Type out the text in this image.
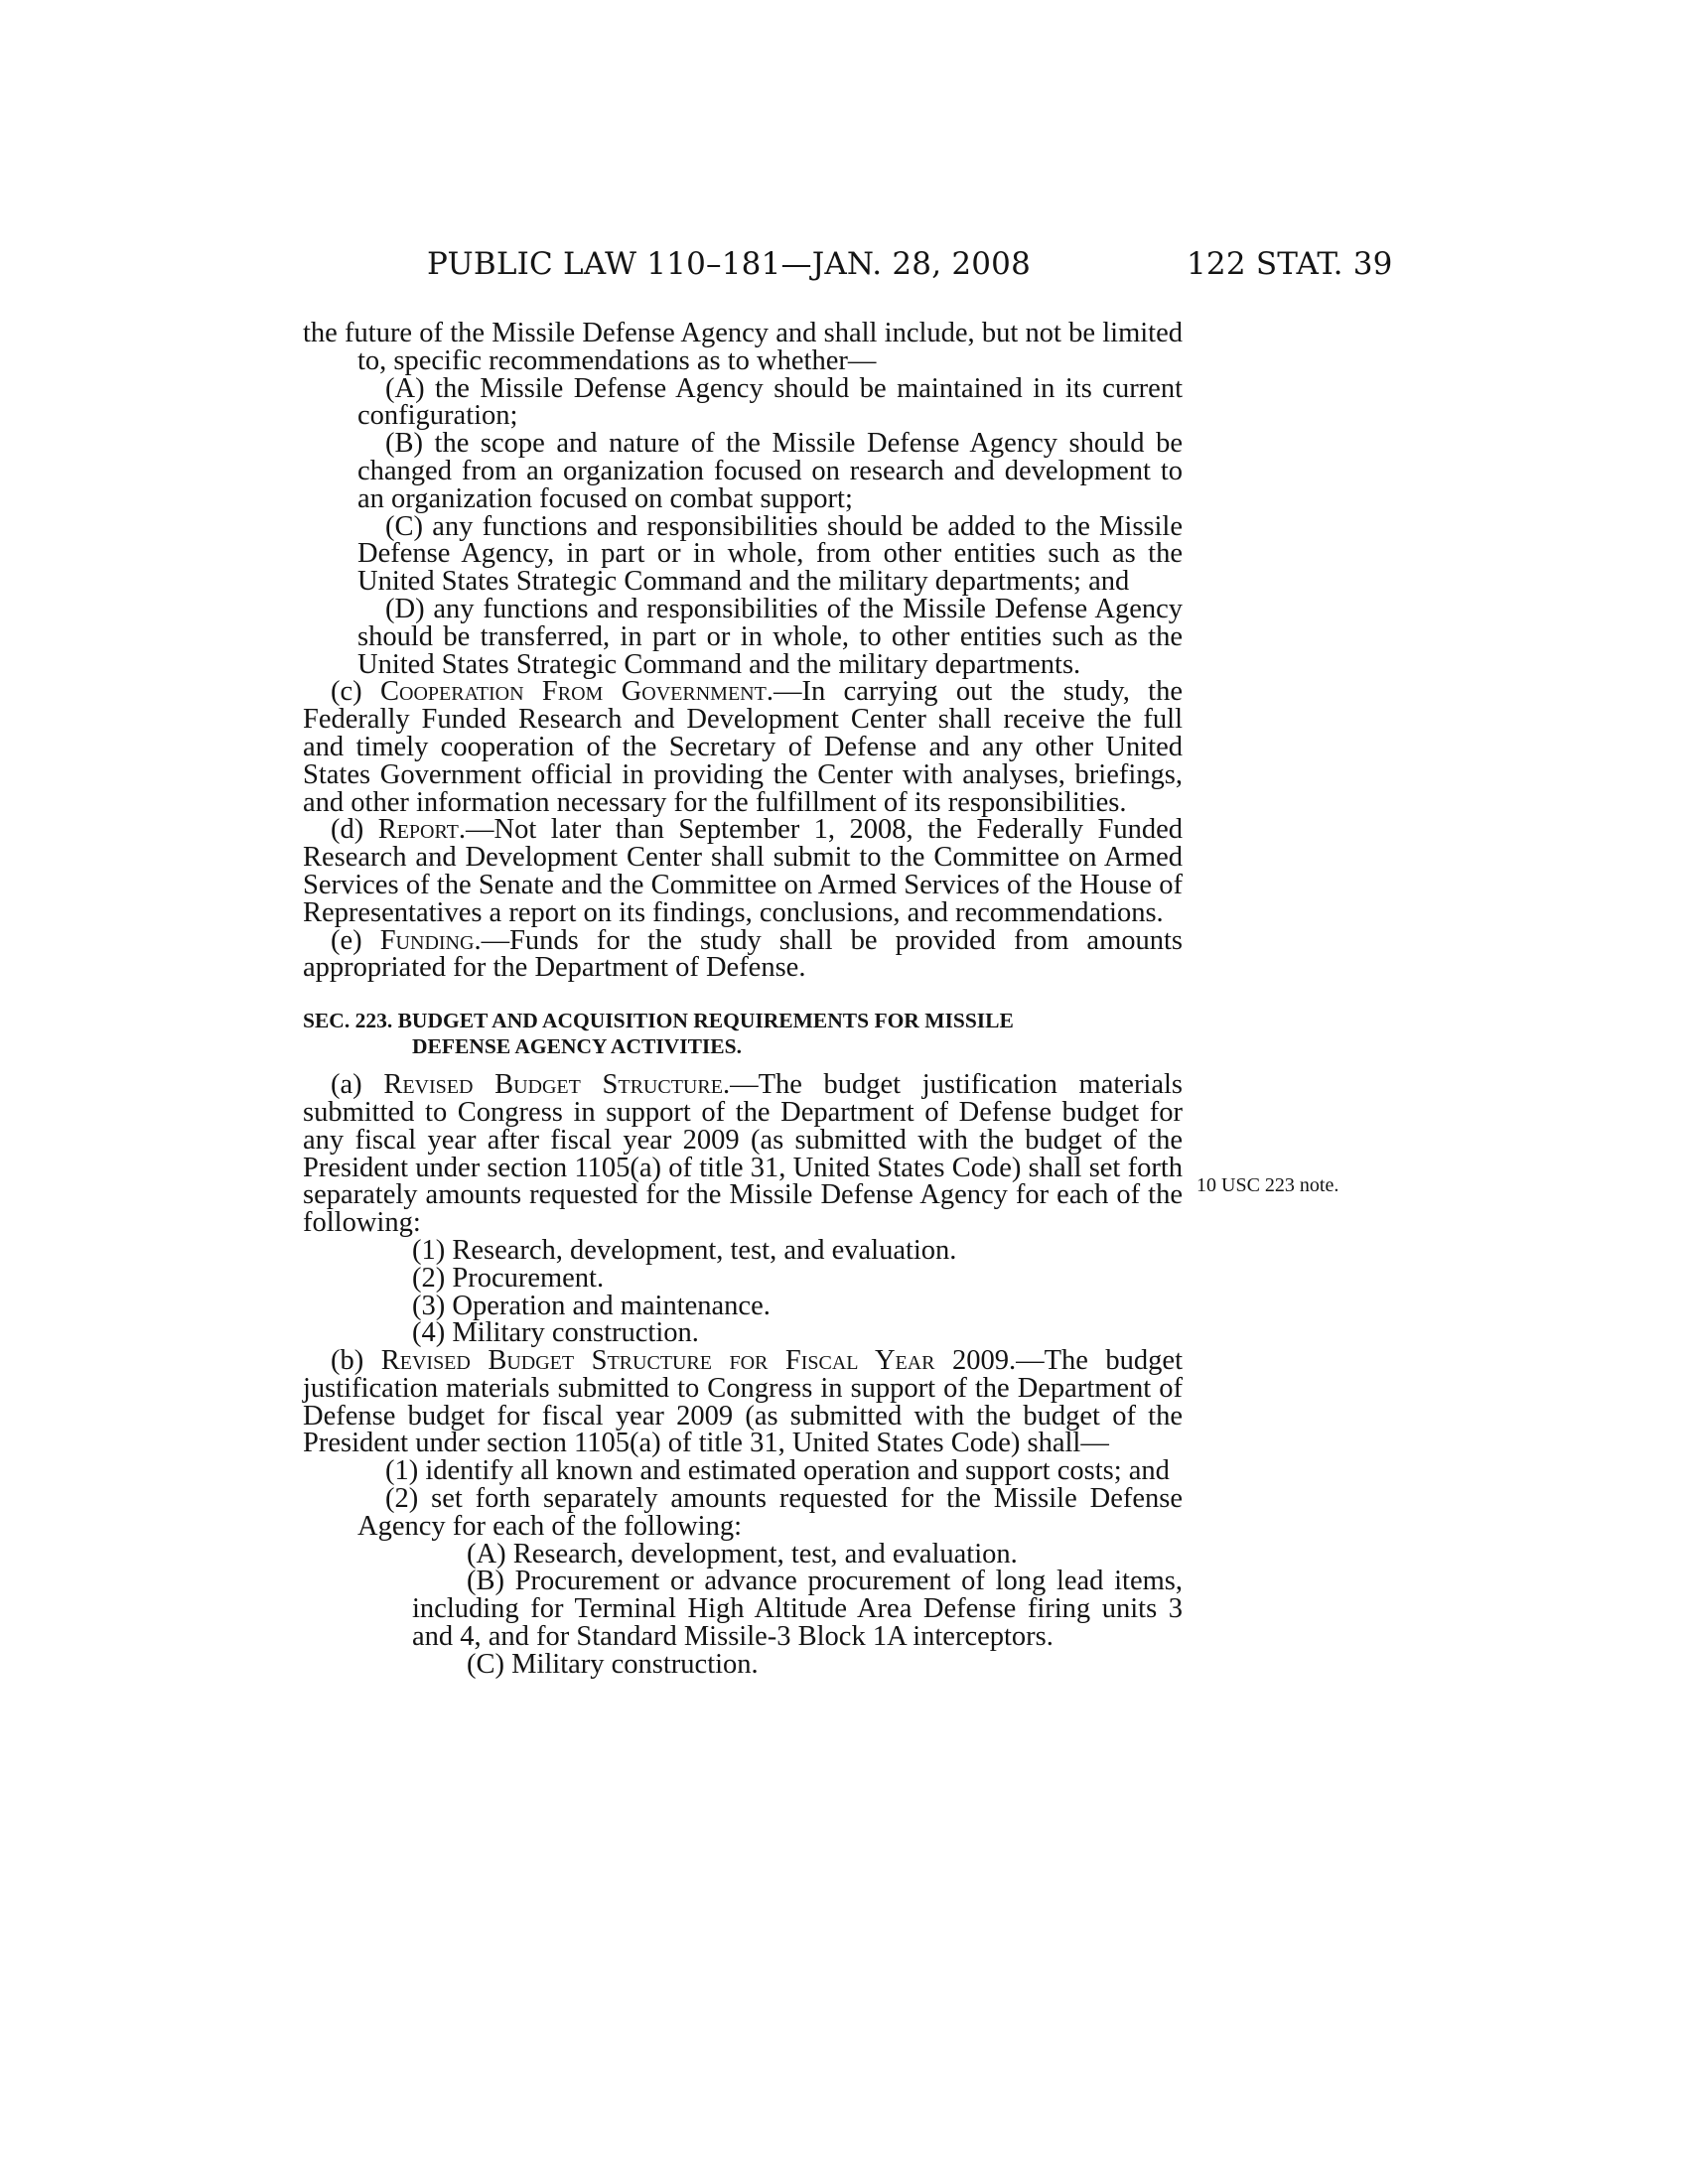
PUBLIC LAW 110–181—JAN. 28, 2008	122 STAT. 39

the future of the Missile Defense Agency and shall include, but not be limited to, specific recommendations as to whether—

(A) the Missile Defense Agency should be maintained in its current configuration;

(B) the scope and nature of the Missile Defense Agency should be changed from an organization focused on research and development to an organization focused on combat support;

(C) any functions and responsibilities should be added to the Missile Defense Agency, in part or in whole, from other entities such as the United States Strategic Command and the military departments; and

(D) any functions and responsibilities of the Missile Defense Agency should be transferred, in part or in whole, to other entities such as the United States Strategic Command and the military departments.

(c) Cooperation From Government.—In carrying out the study, the Federally Funded Research and Development Center shall receive the full and timely cooperation of the Secretary of Defense and any other United States Government official in providing the Center with analyses, briefings, and other information necessary for the fulfillment of its responsibilities.

(d) Report.—Not later than September 1, 2008, the Federally Funded Research and Development Center shall submit to the Committee on Armed Services of the Senate and the Committee on Armed Services of the House of Representatives a report on its findings, conclusions, and recommendations.

(e) Funding.—Funds for the study shall be provided from amounts appropriated for the Department of Defense.

SEC. 223. BUDGET AND ACQUISITION REQUIREMENTS FOR MISSILE
DEFENSE AGENCY ACTIVITIES.

(a) Revised Budget Structure.—The budget justification materials submitted to Congress in support of the Department of Defense budget for any fiscal year after fiscal year 2009 (as submitted with the budget of the President under section 1105(a) of title 31, United States Code) shall set forth separately amounts requested for the Missile Defense Agency for each of the following:

(1) Research, development, test, and evaluation.

(2) Procurement.

(3) Operation and maintenance.

(4) Military construction.

(b) Revised Budget Structure for Fiscal Year 2009.—The budget justification materials submitted to Congress in support of the Department of Defense budget for fiscal year 2009 (as submitted with the budget of the President under section 1105(a) of title 31, United States Code) shall—

(1) identify all known and estimated operation and support costs; and

(2) set forth separately amounts requested for the Missile Defense Agency for each of the following:

(A) Research, development, test, and evaluation.

(B) Procurement or advance procurement of long lead items, including for Terminal High Altitude Area Defense firing units 3 and 4, and for Standard Missile-3 Block 1A interceptors.

(C) Military construction.

10 USC 223 note.
